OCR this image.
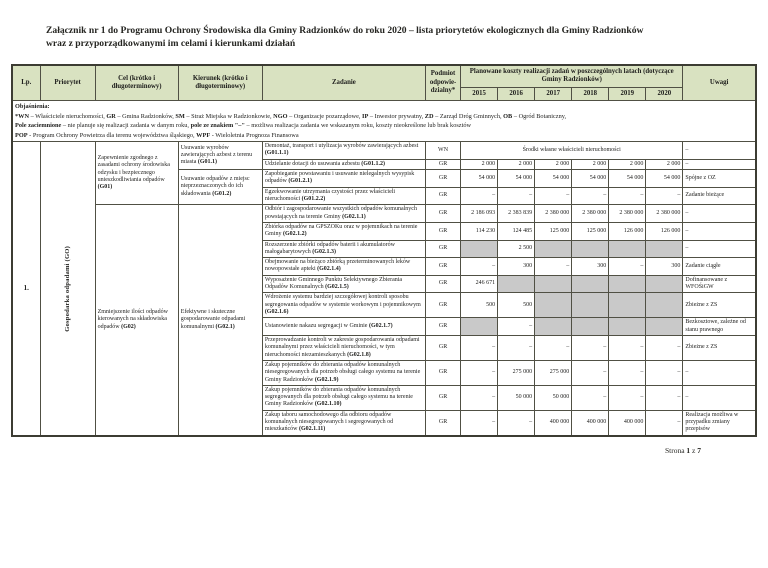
Załącznik nr 1 do Programu Ochrony Środowiska dla Gminy Radzionków do roku 2020 – lista priorytetów ekologicznych dla Gminy Radzionków
wraz z przyporządkowanymi im celami i kierunkami działań
Lp.	Priorytet	Cel (krótko i długoterminowy)	Kierunek (krótko i długoterminowy)	Zadanie	Podmiot odpowie-dzialny*	Planowane koszty realizacji zadań w poszczególnych latach (dotyczące Gminy Radzionków)						Uwagi
						2015	2016	2017	2018	2019	2020	

Objaśnienia:
*WN – Właściciele nieruchomości, GR – Gmina Radzionków, SM – Straż Miejska w Radzionkowie, NGO – Organizacje pozarządowe, IP – Inwestor prywatny, ZD – Zarząd Dróg Gminnych, OB – Ogród Botaniczny,
Pole zaciemnione – nie planuje się realizacji zadania w danym roku, pole ze znakiem "–" – możliwa realizacja zadania we wskazanym roku, koszty nieokreślone lub brak kosztów
POP - Program Ochrony Powietrza dla terenu województwa śląskiego, WPF - Wieloletnia Prognoza Finansowa												

1.	Gospodarka odpadami (GO)	Zapewnienie zgodnego z zasadami ochrony środowiska odzysku i bezpiecznego unieszkodliwiania odpadów (G01)	Usuwanie wyrobów zawierających azbest z terenu miasta (G01.1)	Demontaż, transport i utylizacja wyrobów zawierających azbest (G01.1.1)	WN	Środki własne właścicieli nieruchomości						–
				Udzielanie dotacji do usuwania azbestu (G01.1.2)	GR	2 000	2 000	2 000	2 000	2 000	2 000	–
			Usuwanie odpadów z miejsc nieprzeznaczonych do ich składowania (G01.2)	Zapobieganie powstawaniu i usuwanie nielegalnych wysypisk odpadów (G01.2.1)	GR	54 000	54 000	54 000	54 000	54 000	54 000	Spójne z OZ
				Egzekwowanie utrzymania czystości przez właścicieli nieruchomości (G01.2.2)	GR	–	–	–	–	–	–	Zadanie bieżące
		Zmniejszenie ilości odpadów kierowanych na składowiska odpadów (G02)	Efektywne i skuteczne gospodarowanie odpadami komunalnymi (G02.1)	Odbiór i zagospodarowanie wszystkich odpadów komunalnych powstających na terenie Gminy (G02.1.1)	GR	2 186 093	2 383 839	2 380 000	2 380 000	2 380 000	2 380 000	–
				Zbiórka odpadów na GPSZOKu oraz w pojemnikach na terenie Gminy (G02.1.2)	GR	114 230	124 485	125 000	125 000	126 000	126 000	–
				Rozszerzenie zbiórki odpadów baterii i akumulatorów małogabarytowych (G02.1.3)	GR		2 500					–
				Obejmowanie na bieżąco zbiórką przeterminowanych leków nowopowstałe apteki (G02.1.4)	GR	–	300	–	300	–	300	Zadanie ciągłe
				Wyposażenie Gminnego Punktu Selektywnego Zbierania Odpadów Komunalnych (G02.1.5)	GR	246 671						Dofinansowane z WFOŚiGW
				Wdrożenie systemu bardziej szczegółowej kontroli sposobu segregowania odpadów w systemie workowym i pojemnikowym (G02.1.6)	GR	500	500					Zbieżne z ZS
				Ustanowienie nakazu segregacji w Gminie (G02.1.7)	GR		–					Bezkosztowe, zależne od stanu prawnego
				Przeprowadzanie kontroli w zakresie gospodarowania odpadami komunalnymi przez właścicieli nieruchomości, w tym nieruchomości niezamieszkanych (G02.1.8)	GR	–	–	–	–	–	–	Zbieżne z ZS
				Zakup pojemników do zbierania odpadów komunalnych niesegregowanych dla potrzeb obsługi całego systemu na terenie Gminy Radzionków (G02.1.9)	GR	–	275 000	275 000	–	–	–	–
				Zakup pojemników do zbierania odpadów komunalnych segregowanych dla potrzeb obsługi całego systemu na terenie Gminy Radzionków (G02.1.10)	GR	–	50 000	50 000	–	–	–	–
				Zakup taboru samochodowego dla odbioru odpadów komunalnych niesegregowanych i segregowanych od mieszkańców (G02.1.11)	GR	–	–	400 000	400 000	400 000	–	Realizacja możliwa w przypadku zmiany przepisów
Strona 1 z 7
